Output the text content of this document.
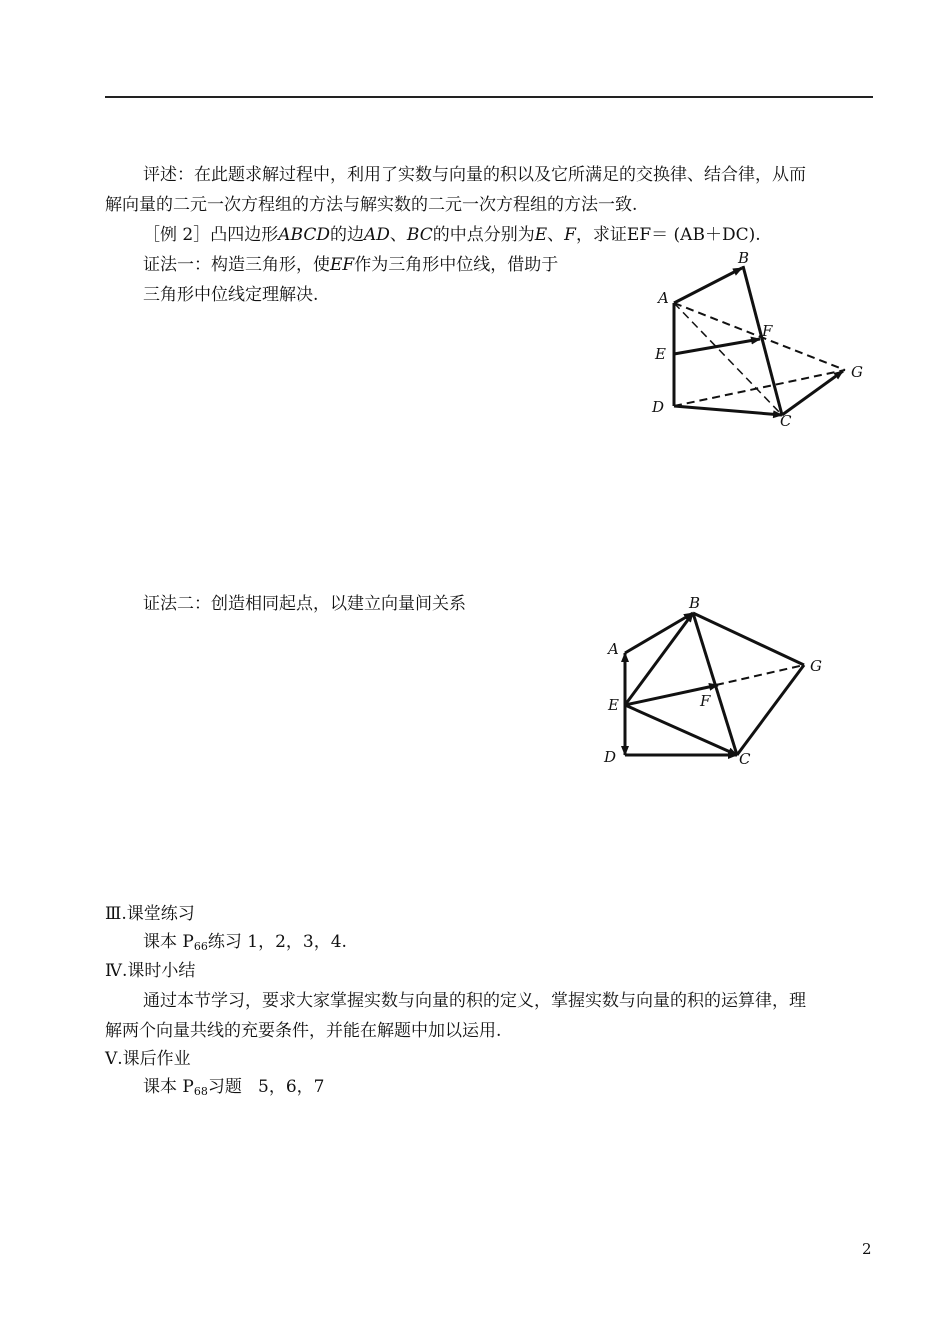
评述：在此题求解过程中，利用了实数与向量的积以及它所满足的交换律、结合律，从而
解向量的二元一次方程组的方法与解实数的二元一次方程组的方法一致.
［例 2］凸四边形ABCD的边AD、BC的中点分别为E、F，求证EF＝ (AB＋DC).
证法一：构造三角形，使EF作为三角形中位线，借助于
三角形中位线定理解决.	A
B
E
F
G
D
C
证法二：创造相同起点，以建立向量间关系
A
B
E	F
G
D	C
Ⅲ.课堂练习
课本 $P_{66}$练习 1，2，3，4.
Ⅳ.课时小结
通过本节学习，要求大家掌握实数与向量的积的定义，掌握实数与向量的积的运算律，理
解两个向量共线的充要条件，并能在解题中加以运用.
Ⅴ.课后作业
课本 $P_{68}$习题   5，6，7
2
